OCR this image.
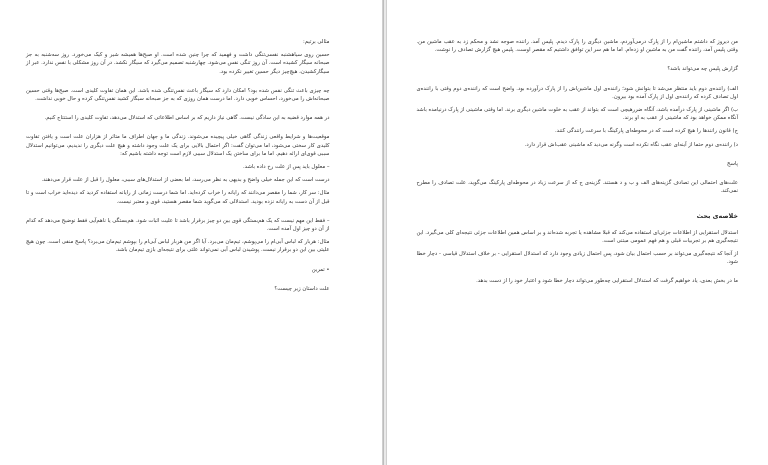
مثالی برتیم:

حسین روی سیاهشنبه نفسی‌تنگی داشت و فهمید که چرا چنین شده است. او صبح‌ها همیشه شیر و کیک می‌خورد. روز سه‌شنبه به جز صبحانه سیگار کشیده است. آن روز تنگی نفس می‌شود. چهارشنبه تصمیم می‌گیرد که سیگار نکشد. در آن روز مشکلی با نفس ندارد. عبر از سیگارکشیدن، هیچ‌چیز دیگر حسین تغییر نکرده بود.

چه چیزی باعث تنگی نفس شده بود؟ امکان دارد که سیگار باعث نفس‌تنگی شده باشد. این همان تفاوت کلیدی است. صبح‌ها وقتی حسین صبحانه‌اش را می‌خورد، احساس خوبی دارد. اما درست همان روزی که به جز صبحانه سیگار کشید نفس‌تنگی کرده و حال خوبی نداشت.

در همه موارد قضیه به این سادگی نیست. گاهی نیاز داریم که بر اساس اطلاعاتی که استدلال می‌دهد، تفاوت کلیدی را استنتاج کنیم.

موقعیت‌ها و شرایط واقعی زندگی گاهی خیلی پیچیده می‌شوند. زندگی ما و جهان اطراف ما متاثر از هزاران علت است و یافتن تفاوت کلیدی کار سختی می‌شود، اما می‌توان گفت: اگر احتمال بالایی برای یک علت وجود داشته و هیچ علت دیگری را ندیدیم، می‌توانیم استدلال سببی قوی‌ای ارائه دهیم. اما ما برای ساختن یک استدلال سببی لازم است توجه داشته باشیم که:

– معلول باید پس از علت رخ داده باشد.

درست است که این جمله خیلی واضح و بدیهی به نظر می‌رسد، اما بعضی از استدلال‌های سببی، معلول را قبل از علت قرار می‌دهند.

مثال: سر کار، شما را مقصر می‌دانند که رایانه را خراب کرده‌اید. اما شما درست زمانی از رایانه استفاده کردید که دیده‌اید خراب است و تا قبل از آن دست به رایانه نزده بودید. استدلالی که می‌گوید شما مقصر هستید، قوی و معتبر نیست.

– فقط این مهم نیست که یک هم‌بستگی قوی بین دو چیز برقرار باشد تا علیت اثبات شود. هم‌بستگی یا ناهم‌آیی فقط نوضیح می‌دهد که کدام از آن دو چیز اول آمده است.

مثال: هربار که لباس آبی‌ام را می‌پوشم، تیم‌مان می‌برد. آیا اگر من هربار لباس آبی‌ام را بپوشم تیم‌مان می‌برد؟ پاسخ منفی است. چون هیچ علیتی بین این دو برقرار نیست. پوشیدن لباس آبی نمی‌تواند علتی برای نتیجه‌ای بازی تیم‌مان باشد.

• تمرین

علت داستان زیر چیست؟

من دیروز که داشتم ماشین‌ام را از پارک درمی‌آوردم، ماشین دیگری را پارک دیدم. پلیس آمد. راننده صوجه نشد و محکم زد به عقب ماشین من. وقتی پلیس آمد، راننده گفت من به ماشین او زده‌ام. اما ما هم سر این توافق داشتیم که مقصر اوست. پلیس هیچ گزارش تصادف را نوشت.

گزارش پلیس چه می‌تواند باشد؟

الف) راننده‌ی دوم باید منتظر می‌شد تا بتوانش شود؛ راننده‌ی اول ماشین‌اش را از پارک درآورده بود. واضح است که راننده‌ی دوم وقتی با راننده‌ی اول تصادف کرده که راننده‌ی اول از پارک آمده بود بیرون.

ب) اگر ماشینی از پارک درآمده باشد، آنگاه ضرر‌هیچی است که بتواند از عقب به خلوت ماشین دیگری برند. اما وقتی ماشینی از پارک درنیامده باشد آنگاه ممکن خواهد بود که ماشینی از عقب به او برند.

ج) قانون رانندها را هیچ کرده است که در محوطه‌ای پارکینگ با سرعت رانندگی کنند.

د) راننده‌ی دوم حتما از آینه‌ای عقب نگاه نکرده است وگرنه می‌دید که ماشینی عقب‌اش قرار دارد.

پاسخ

علت‌های احتمالی این تصادف گزینه‌های الف و ب و د هستند. گزینه‌ی ج که از سرعت زیاد در محوطه‌ای پارکینگ می‌گوید، علت تصادف را مطرح نمی‌کند.

خلاصه‌ی بحث

استدلال استقرایی از اطلاعات جزئی‌ای استفاده می‌کند که قبلا مشاهده یا تجربه شده‌اند و بر اساس همین اطلاعات جزئی نتیجه‌ای کلی می‌گیرد. این نتیجه‌گیری هم بر تجربیات قبلی و هم فهم عمومی مبتنی است.

از آنجا که نتیجه‌گیری می‌تواند بر حسب احتمال بیان شود، پس احتمال زیادی وجود دارد که استدلال استقرایی - بر خلاف استدلال قیاسی - دچار خطا شود.

ما در بخش بعدی، یاد خواهیم گرفت که استدلال استقرایی چه‌طور می‌تواند دچار خطا شود و اعتبار خود را از دست بدهد.
